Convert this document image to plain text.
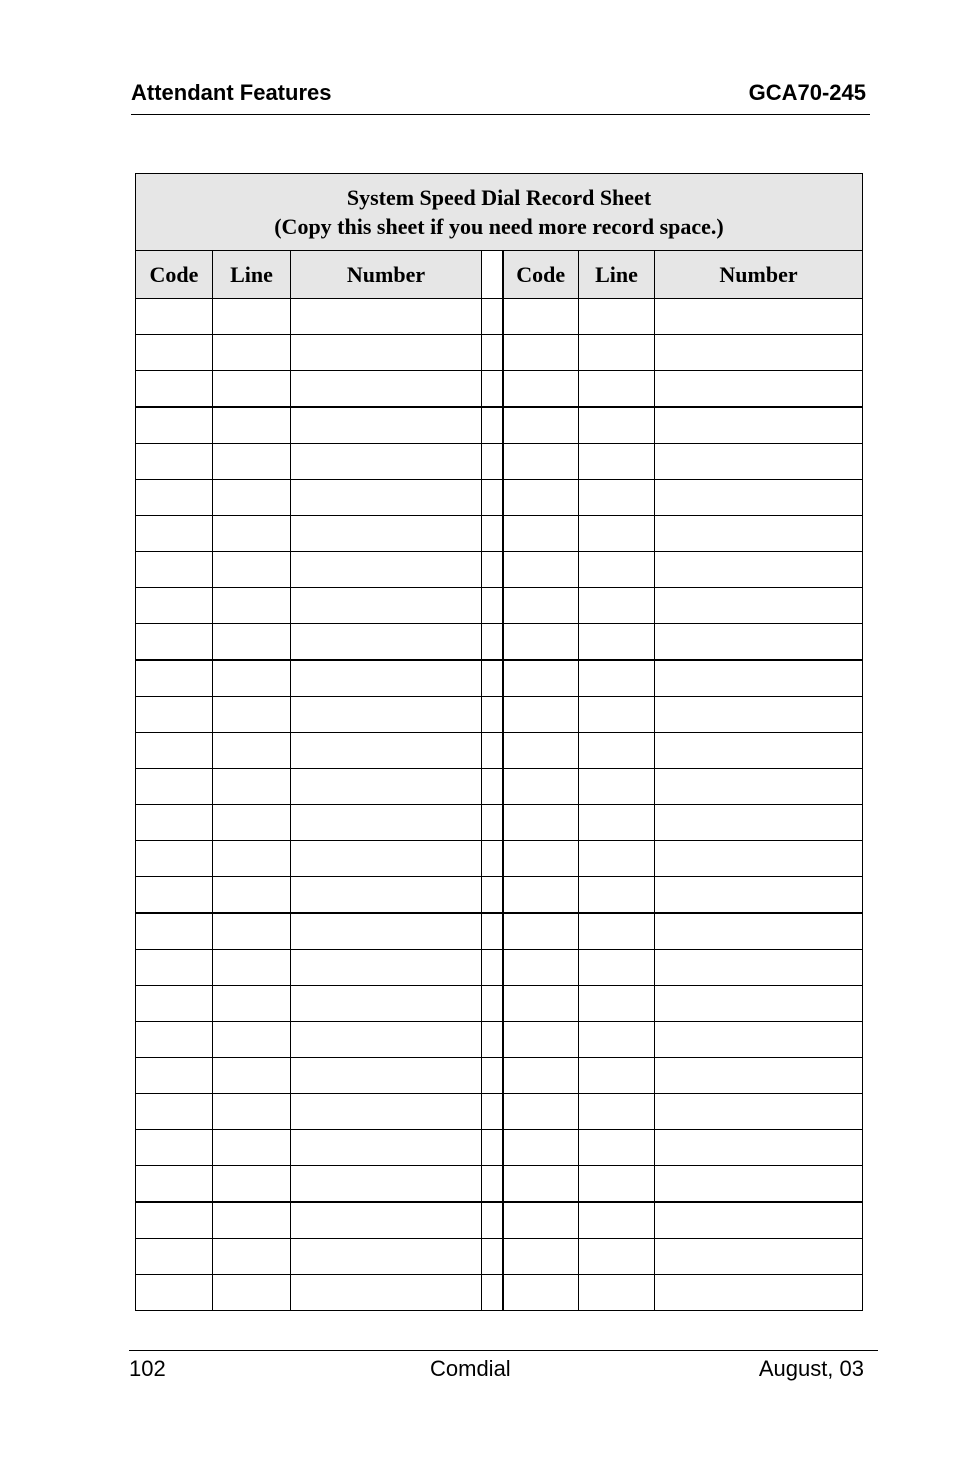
Attendant Features	GCA70-245
System Speed Dial Record Sheet
(Copy this sheet if you need more record space.)						

Code	Line	Number		Code	Line	Number

102	Comdial	August, 03
